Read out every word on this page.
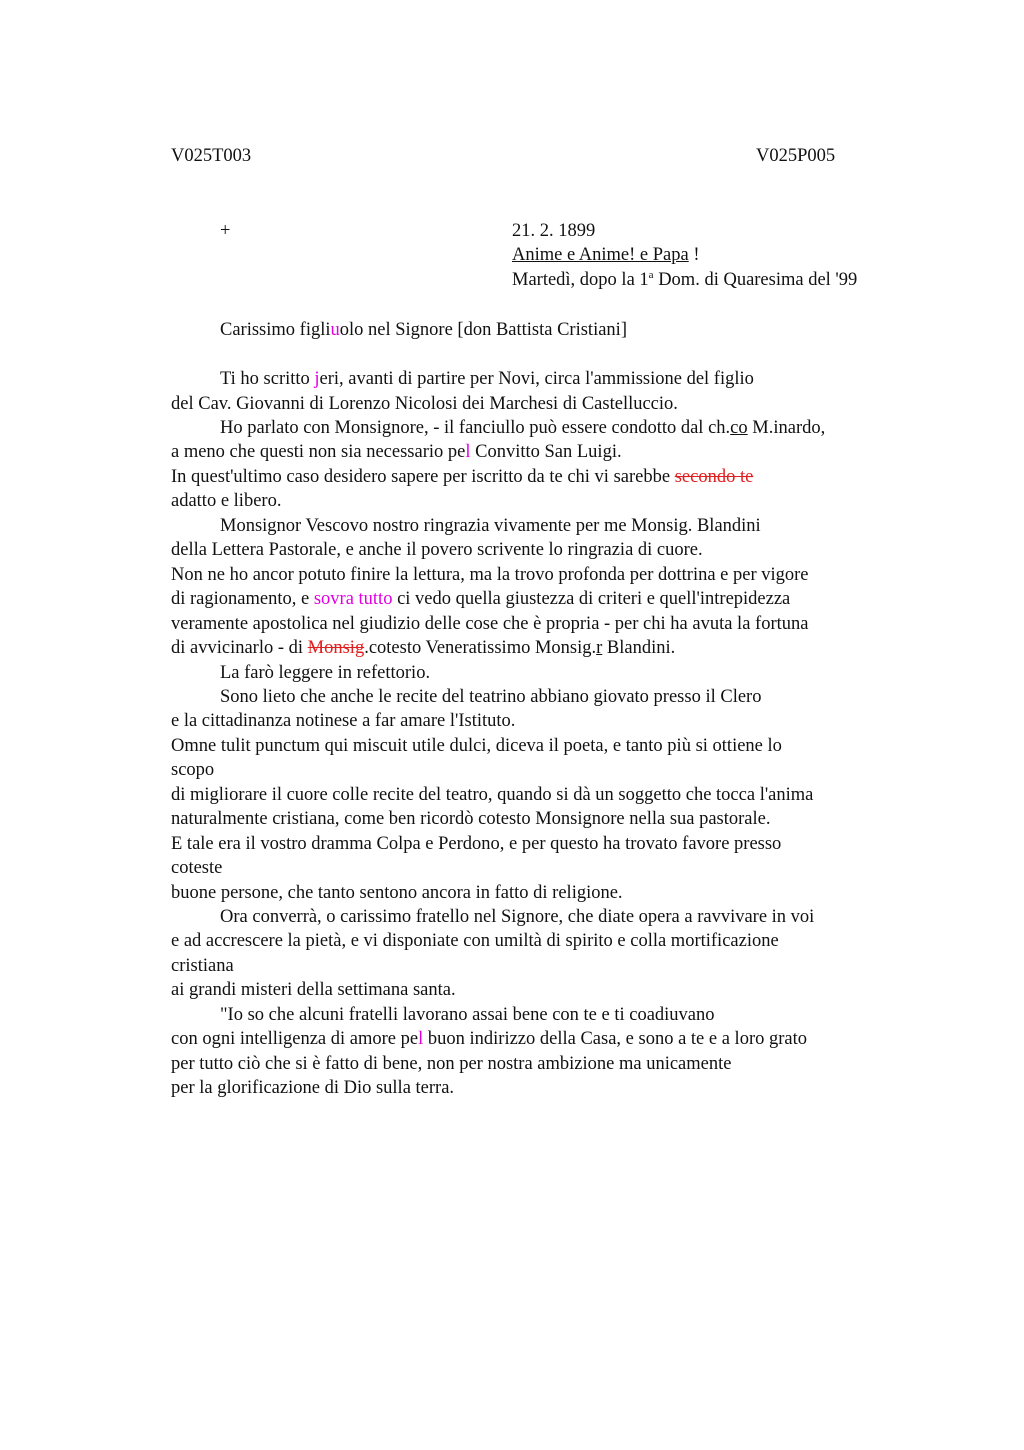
V025T003	V025P005
+	21. 2. 1899
Anime e Anime! e Papa !
Martedì, dopo la 1$^a$ Dom. di Quaresima del '99
Carissimo figliuolo nel Signore [don Battista Cristiani]
Ti ho scritto jeri, avanti di partire per Novi, circa l'ammissione del figlio
del Cav. Giovanni di Lorenzo Nicolosi dei Marchesi di Castelluccio.
Ho parlato con Monsignore, - il fanciullo può essere condotto dal ch.co M.inardo,
a meno che questi non sia necessario pel Convitto San Luigi.
In quest'ultimo caso desidero sapere per iscritto da te chi vi sarebbe secondo te
adatto e libero.
Monsignor Vescovo nostro ringrazia vivamente per me Monsig. Blandini
della Lettera Pastorale, e anche il povero scrivente lo ringrazia di cuore.
Non ne ho ancor potuto finire la lettura, ma la trovo profonda per dottrina e per vigore
di ragionamento, e sovra tutto ci vedo quella giustezza di criteri e quell'intrepidezza
veramente apostolica nel giudizio delle cose che è propria - per chi ha avuta la fortuna
di avvicinarlo - di Monsig.cotesto Veneratissimo Monsig.r Blandini.
La farò leggere in refettorio.
Sono lieto che anche le recite del teatrino abbiano giovato presso il Clero
e la cittadinanza notinese a far amare l'Istituto.
Omne tulit punctum qui miscuit utile dulci, diceva il poeta, e tanto più si ottiene lo
scopo
di migliorare il cuore colle recite del teatro, quando si dà un soggetto che tocca l'anima
naturalmente cristiana, come ben ricordò cotesto Monsignore nella sua pastorale.
E tale era il vostro dramma Colpa e Perdono, e per questo ha trovato favore presso
coteste
buone persone, che tanto sentono ancora in fatto di religione.
Ora converrà, o carissimo fratello nel Signore, che diate opera a ravvivare in voi
e ad accrescere la pietà, e vi disponiate con umiltà di spirito e colla mortificazione
cristiana
ai grandi misteri della settimana santa.
"Io so che alcuni fratelli lavorano assai bene con te e ti coadiuvano
con ogni intelligenza di amore pel buon indirizzo della Casa, e sono a te e a loro grato
per tutto ciò che si è fatto di bene, non per nostra ambizione ma unicamente
per la glorificazione di Dio sulla terra.
